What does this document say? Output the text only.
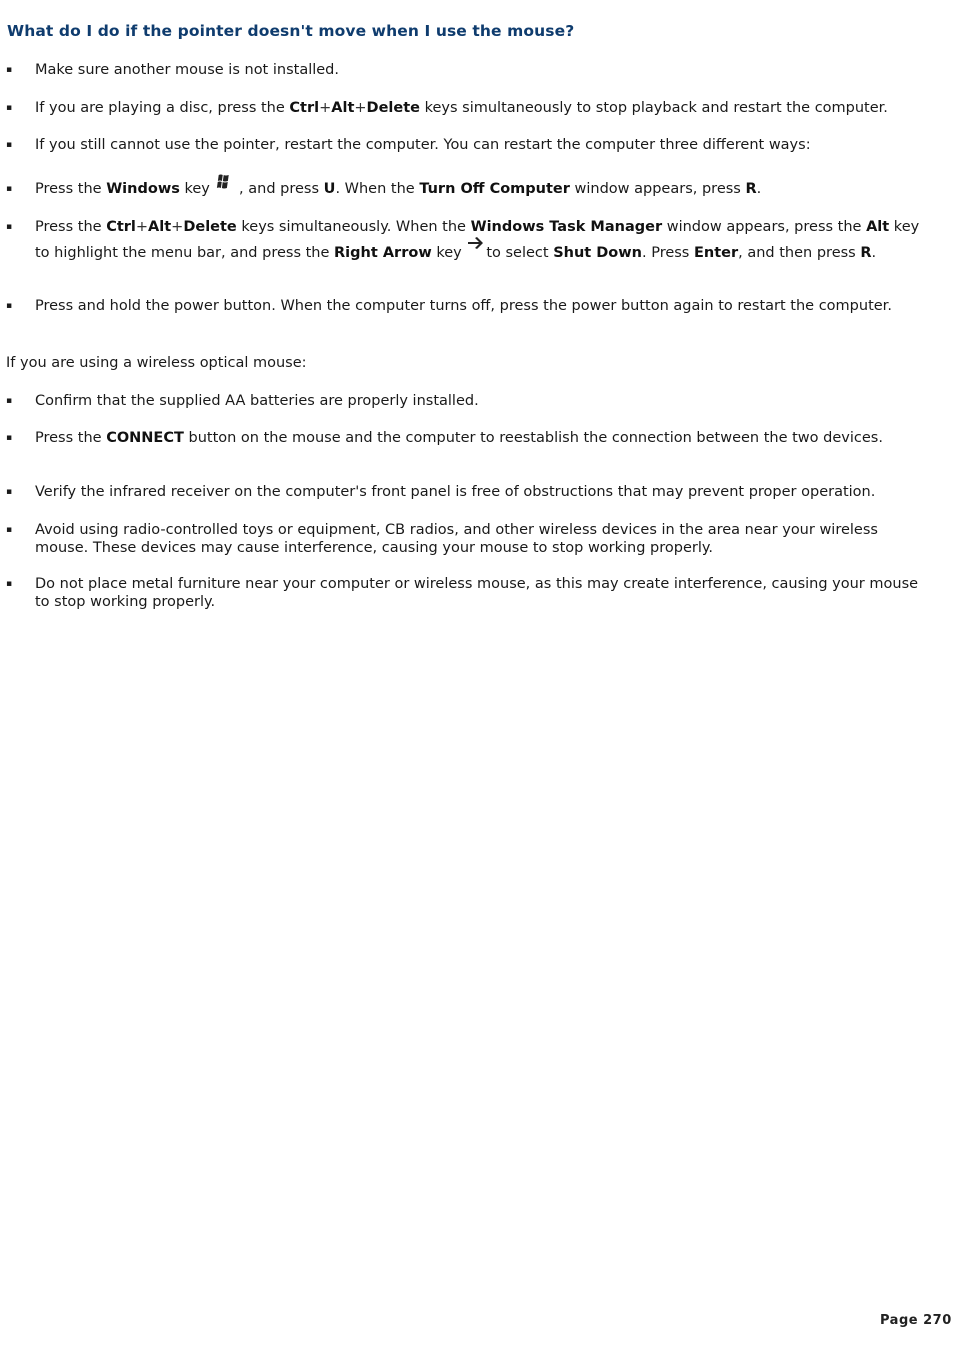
What do I do if the pointer doesn't move when I use the mouse?
▪ Make sure another mouse is not installed.
▪ If you are playing a disc, press the Ctrl+Alt+Delete keys simultaneously to stop playback and restart the computer.
▪ If you still cannot use the pointer, restart the computer. You can restart the computer three different ways:
▪ Press the Windows key  , and press U. When the Turn Off Computer window appears, press R.
▪ Press the Ctrl+Alt+Delete keys simultaneously. When the Windows Task Manager window appears, press the Alt key to highlight the menu bar, and press the Right Arrow key to select Shut Down. Press Enter, and then press R.
▪ Press and hold the power button. When the computer turns off, press the power button again to restart the computer.
If you are using a wireless optical mouse:
▪ Confirm that the supplied AA batteries are properly installed.
▪ Press the CONNECT button on the mouse and the computer to reestablish the connection between the two devices.
▪ Verify the infrared receiver on the computer's front panel is free of obstructions that may prevent proper operation.
▪ Avoid using radio-controlled toys or equipment, CB radios, and other wireless devices in the area near your wireless mouse. These devices may cause interference, causing your mouse to stop working properly.
▪ Do not place metal furniture near your computer or wireless mouse, as this may create interference, causing your mouse to stop working properly.
Page 270
